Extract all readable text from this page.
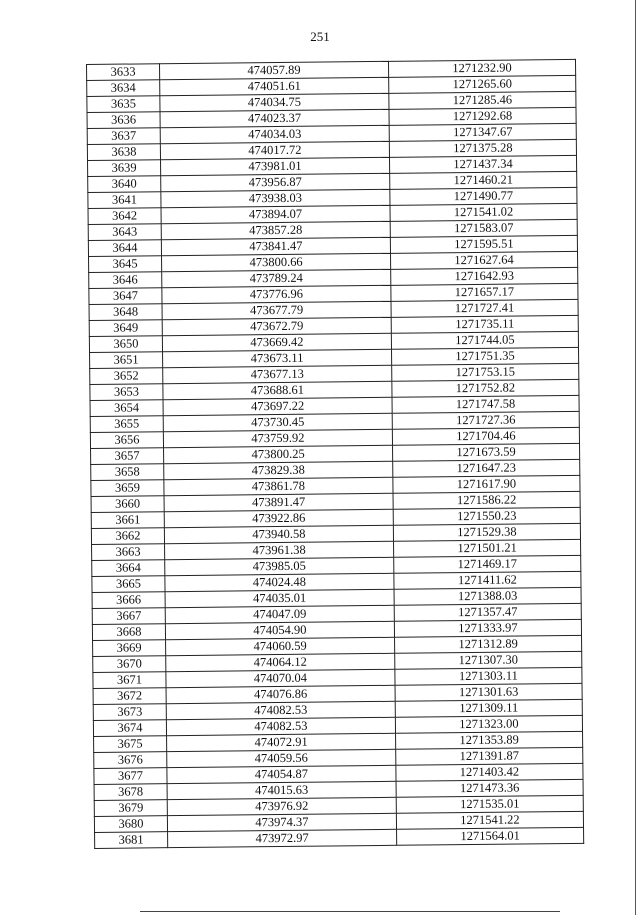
251
3633	474057.89	1271232.90
3634	474051.61	1271265.60
3635	474034.75	1271285.46
3636	474023.37	1271292.68
3637	474034.03	1271347.67
3638	474017.72	1271375.28
3639	473981.01	1271437.34
3640	473956.87	1271460.21
3641	473938.03	1271490.77
3642	473894.07	1271541.02
3643	473857.28	1271583.07
3644	473841.47	1271595.51
3645	473800.66	1271627.64
3646	473789.24	1271642.93
3647	473776.96	1271657.17
3648	473677.79	1271727.41
3649	473672.79	1271735.11
3650	473669.42	1271744.05
3651	473673.11	1271751.35
3652	473677.13	1271753.15
3653	473688.61	1271752.82
3654	473697.22	1271747.58
3655	473730.45	1271727.36
3656	473759.92	1271704.46
3657	473800.25	1271673.59
3658	473829.38	1271647.23
3659	473861.78	1271617.90
3660	473891.47	1271586.22
3661	473922.86	1271550.23
3662	473940.58	1271529.38
3663	473961.38	1271501.21
3664	473985.05	1271469.17
3665	474024.48	1271411.62
3666	474035.01	1271388.03
3667	474047.09	1271357.47
3668	474054.90	1271333.97
3669	474060.59	1271312.89
3670	474064.12	1271307.30
3671	474070.04	1271303.11
3672	474076.86	1271301.63
3673	474082.53	1271309.11
3674	474082.53	1271323.00
3675	474072.91	1271353.89
3676	474059.56	1271391.87
3677	474054.87	1271403.42
3678	474015.63	1271473.36
3679	473976.92	1271535.01
3680	473974.37	1271541.22
3681	473972.97	1271564.01
